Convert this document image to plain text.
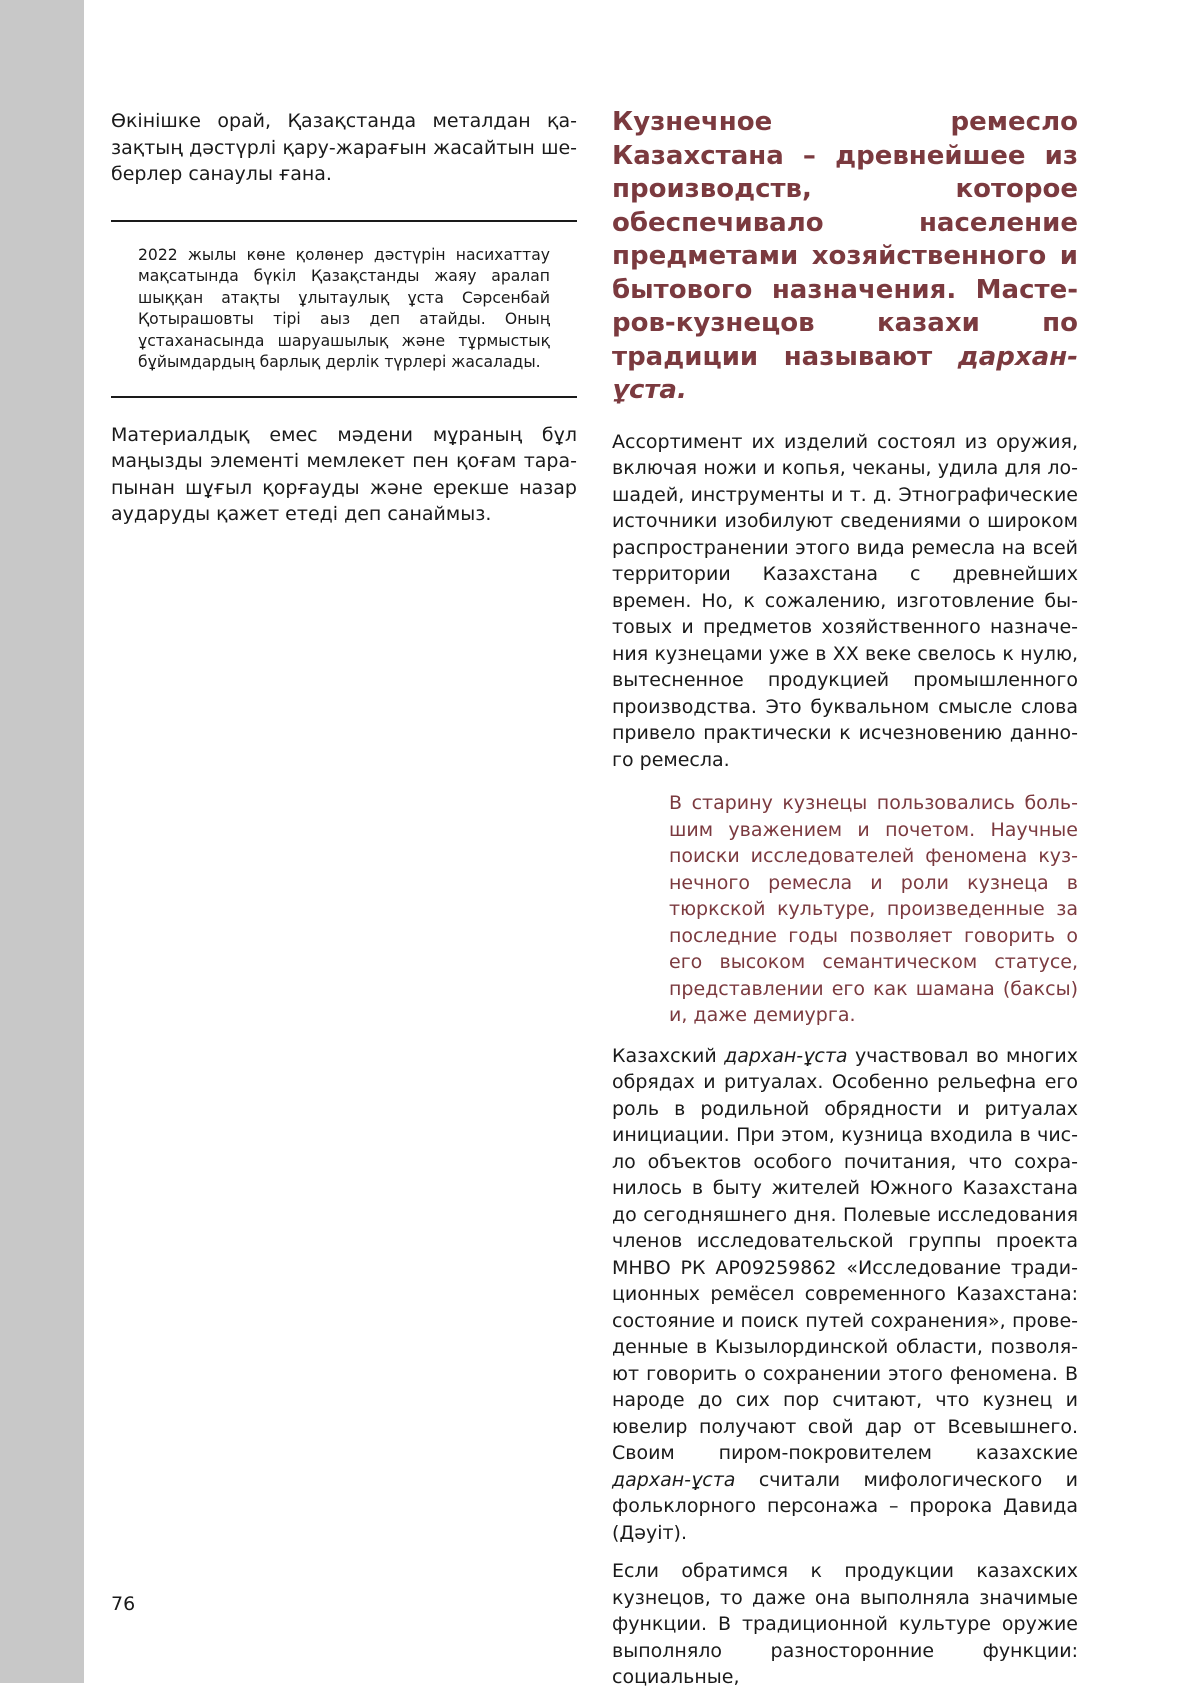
Өкінішке орай, Қазақстанда металдан қазақтың дәстүрлі қару-жарағын жасайтын шеберлер санаулы ғана.

2022 жылы көне қолөнер дәстүрін насихаттау мақсатында бүкіл Қазақстанды жаяу аралап шыққан атақты ұлытаулық ұста Сәрсенбай Қотырашовты тірі аыз деп атайды. Оның ұстаханасында шаруашылық және тұрмыстық бұйымдардың барлық дерлік түрлері жасалады.

Материалдық емес мәдени мұраның бұл маңызды элементі мемлекет пен қоғам тарапынан шұғыл қорғауды және ерекше назар аударуды қажет етеді деп санаймыз.

Кузнечное ремесло Казахстана – древнейшее из производств, которое обеспечивало население предметами хозяйственного и бытового назначения. Мастеров-кузнецов казахи по традиции называют дархан-ұста.

Ассортимент их изделий состоял из оружия, включая ножи и копья, чеканы, удила для лошадей, инструменты и т. д. Этнографические источники изобилуют сведениями о широком распространении этого вида ремесла на всей территории Казахстана с древнейших времен. Но, к сожалению, изготовление бытовых и предметов хозяйственного назначения кузнецами уже в XX веке свелось к нулю, вытесненное продукцией промышленного производства. Это буквальном смысле слова привело практически к исчезновению данного ремесла.

В старину кузнецы пользовались большим уважением и почетом. Научные поиски исследователей феномена кузнечного ремесла и роли кузнеца в тюркской культуре, произведенные за последние годы позволяет говорить о его высоком семантическом статусе, представлении его как шамана (баксы) и, даже демиурга.

Казахский дархан-ұста участвовал во многих обрядах и ритуалах. Особенно рельефна его роль в родильной обрядности и ритуалах инициации. При этом, кузница входила в число объектов особого почитания, что сохранилось в быту жителей Южного Казахстана до сегодняшнего дня. Полевые исследования членов исследовательской группы проекта МНВО РК AP09259862 «Исследование традиционных ремёсел современного Казахстана: состояние и поиск путей сохранения», проведенные в Кызылординской области, позволяют говорить о сохранении этого феномена. В народе до сих пор считают, что кузнец и ювелир получают свой дар от Всевышнего. Своим пиром-покровителем казахские дархан-ұста считали мифологического и фольклорного персонажа – пророка Давида (Дәуіт).

Если обратимся к продукции казахских кузнецов, то даже она выполняла значимые функции. В традиционной культуре оружие выполняло разносторонние функции: социальные,

76
